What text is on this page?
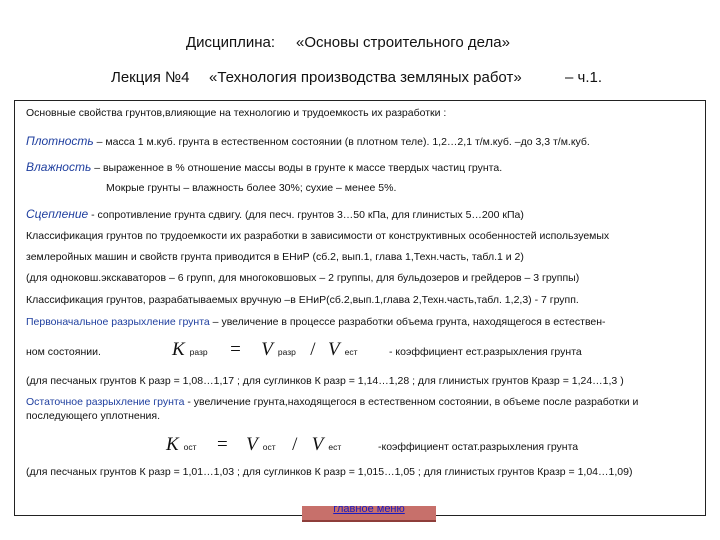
Дисциплина: «Основы строительного дела»
Лекция №4 «Технология производства земляных работ»	– ч.1.
Основные свойства грунтов,влияющие на технологию и трудоемкость их разработки :
Плотность – масса 1 м.куб. грунта в естественном состоянии (в плотном теле). 1,2…2,1 т/м.куб. –до 3,3 т/м.куб.
Влажность – выраженное в % отношение массы воды в грунте к массе твердых частиц грунта.
Мокрые грунты – влажность более 30%; сухие – менее 5%.
Сцепление - сопротивление грунта сдвигу. (для песч. грунтов 3…50 кПа, для глинистых 5…200 кПа)
Классификация грунтов по трудоемкости их разработки в зависимости от конструктивных особенностей используемых
землеройных машин и свойств грунта приводится в ЕНиР (сб.2, вып.1, глава 1,Техн.часть, табл.1 и 2)
(для одноковш.экскаваторов – 6 групп, для многоковшовых – 2 группы, для бульдозеров и грейдеров – 3 группы)
Классификация грунтов, разрабатываемых вручную –в ЕНиР(сб.2,вып.1,глава 2,Техн.часть,табл. 1,2,3) - 7 групп.
Первоначальное разрыхление грунта – увеличение в процессе разработки объема грунта, находящегося в естествен-
ном состоянии.	Кразр = V разр / V ест	- коэффициент ест.разрыхления грунта
(для песчаных грунтов К разр = 1,08…1,17 ; для суглинков К разр = 1,14…1,28 ; для глинистых грунтов Кразр = 1,24…1,3 )
Остаточное разрыхление грунта - увеличение грунта,находящегося в естественном состоянии, в объеме после разработки и
последующего уплотнения.
Кост = V ост / V ест	-коэффициент остат.разрыхления грунта
(для песчаных грунтов К разр = 1,01…1,03 ; для суглинков К разр = 1,015…1,05 ; для глинистых грунтов Кразр = 1,04…1,09)
главное меню
